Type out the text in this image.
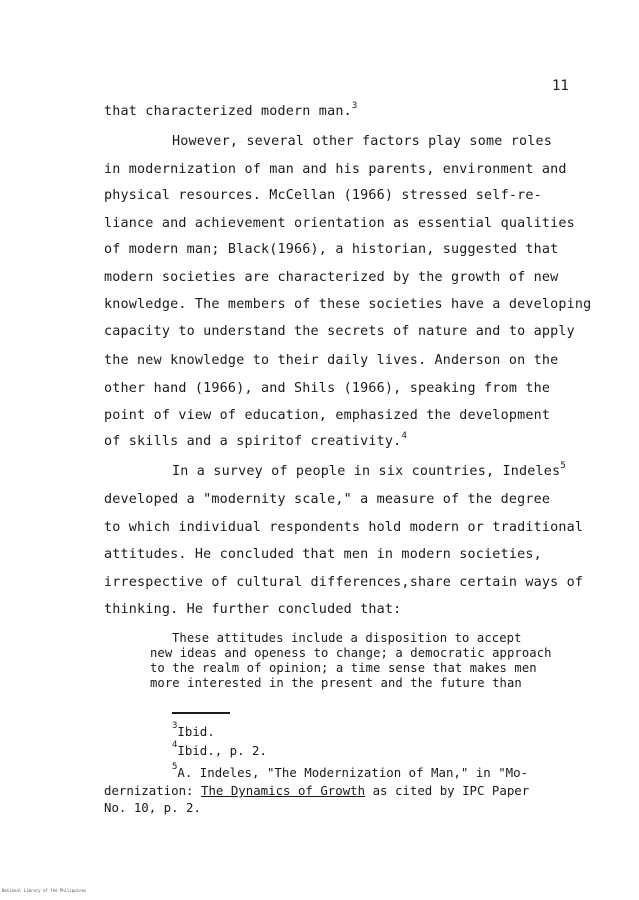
11
that characterized modern man.$^3$
However, several other factors play some roles
in modernization of man and his parents, environment and
physical resources. McCellan (1966) stressed self-re-
liance and achievement orientation as essential qualities
of modern man; Black(1966), a historian, suggested that
modern societies are characterized by the growth of new
knowledge. The members of these societies have a developing
capacity to understand the secrets of nature and to apply
the new knowledge to their daily lives. Anderson on the
other hand (1966), and Shils (1966), speaking from the
point of view of education, emphasized the development
of skills and a spiritof creativity.$^4$
In a survey of people in six countries, Indeles$^5$
developed a "modernity scale," a measure of the degree
to which individual respondents hold modern or traditional
attitudes. He concluded that men in modern societies,
irrespective of cultural differences,share certain ways of
thinking. He further concluded that:
These attitudes include a disposition to accept
new ideas and openess to change; a democratic approach
to the realm of opinion; a time sense that makes men
more interested in the present and the future than
$^3$Ibid.
$^4$Ibid., p. 2.
$^5$A. Indeles, "The Modernization of Man," in "Mo-
dernization: The Dynamics of Growth as cited by IPC Paper
No. 10, p. 2.
National Library of the Philippines
